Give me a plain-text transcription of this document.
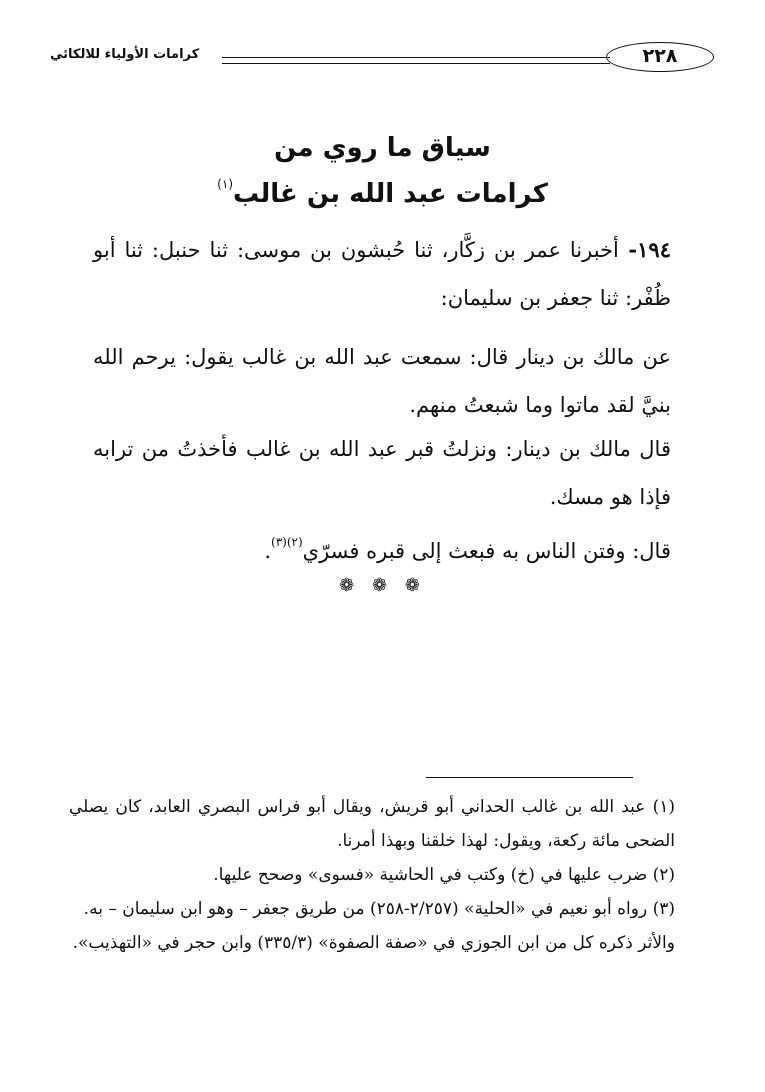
كرامات الأولياء للالكائي	٢٢٨
سياق ما روي من
كرامات عبد الله بن غالب$^{(١)}$

١٩٤- أخبرنا عمر بن زكَّار، ثنا حُبشون بن موسى: ثنا حنبل: ثنا أبو ظُفْر: ثنا جعفر بن سليمان:

عن مالك بن دينار قال: سمعت عبد الله بن غالب يقول: يرحم الله بنيَّ لقد ماتوا وما شبعتُ منهم.

قال مالك بن دينار: ونزلتُ قبر عبد الله بن غالب فأخذتُ من ترابه فإذا هو مسك.

قال: وفتن الناس به فبعث إلى قبره فسرّي$^{(٢)(٣)}$.

❁ ❁ ❁

(١) عبد الله بن غالب الحداني أبو قريش، ويقال أبو فراس البصري العابد، كان يصلي الضحى مائة ركعة، ويقول: لهذا خلقنا وبهذا أمرنا.

(٢) ضرب عليها في (خ) وكتب في الحاشية «فسوى» وصحح عليها.

(٣) رواه أبو نعيم في «الحلية» (٢/٢٥٧-٢٥٨) من طريق جعفر – وهو ابن سليمان – به.

والأثر ذكره كل من ابن الجوزي في «صفة الصفوة» (٣٣٥/٣) وابن حجر في «التهذيب».
